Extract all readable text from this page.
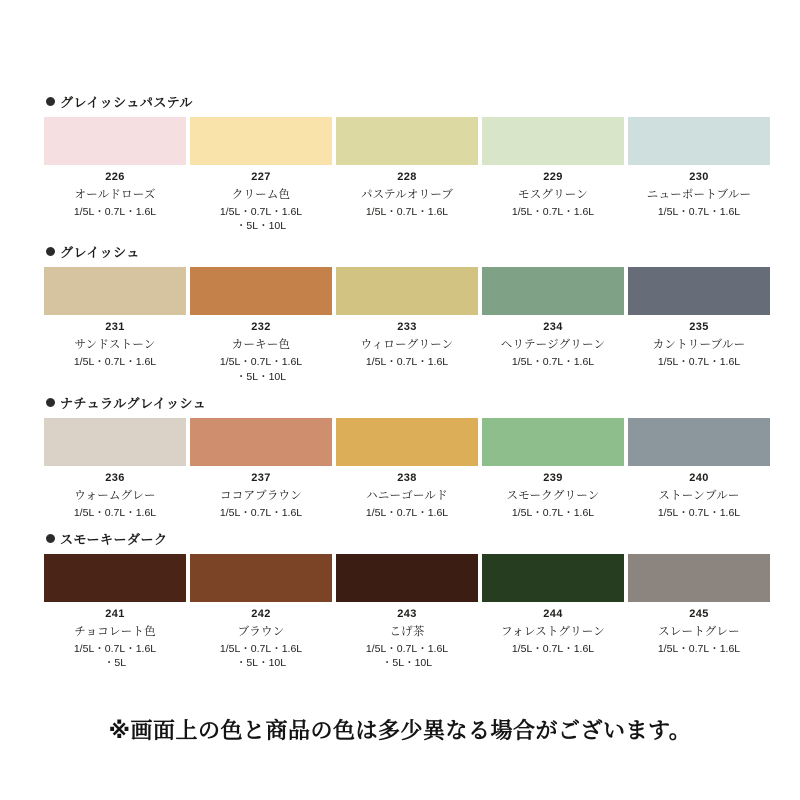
グレイッシュパステル
226
オールドローズ
1/5L・0.7L・1.6L
227
クリーム色
1/5L・0.7L・1.6L
・5L・10L
228
パステルオリーブ
1/5L・0.7L・1.6L
229
モスグリーン
1/5L・0.7L・1.6L
230
ニューポートブルー
1/5L・0.7L・1.6L
グレイッシュ
231
サンドストーン
1/5L・0.7L・1.6L
232
カーキー色
1/5L・0.7L・1.6L
・5L・10L
233
ウィローグリーン
1/5L・0.7L・1.6L
234
ヘリテージグリーン
1/5L・0.7L・1.6L
235
カントリーブルー
1/5L・0.7L・1.6L
ナチュラルグレイッシュ
236
ウォームグレー
1/5L・0.7L・1.6L
237
ココアブラウン
1/5L・0.7L・1.6L
238
ハニーゴールド
1/5L・0.7L・1.6L
239
スモークグリーン
1/5L・0.7L・1.6L
240
ストーンブルー
1/5L・0.7L・1.6L
スモーキーダーク
241
チョコレート色
1/5L・0.7L・1.6L
・5L
242
ブラウン
1/5L・0.7L・1.6L
・5L・10L
243
こげ茶
1/5L・0.7L・1.6L
・5L・10L
244
フォレストグリーン
1/5L・0.7L・1.6L
245
スレートグレー
1/5L・0.7L・1.6L
※画面上の色と商品の色は多少異なる場合がございます。
